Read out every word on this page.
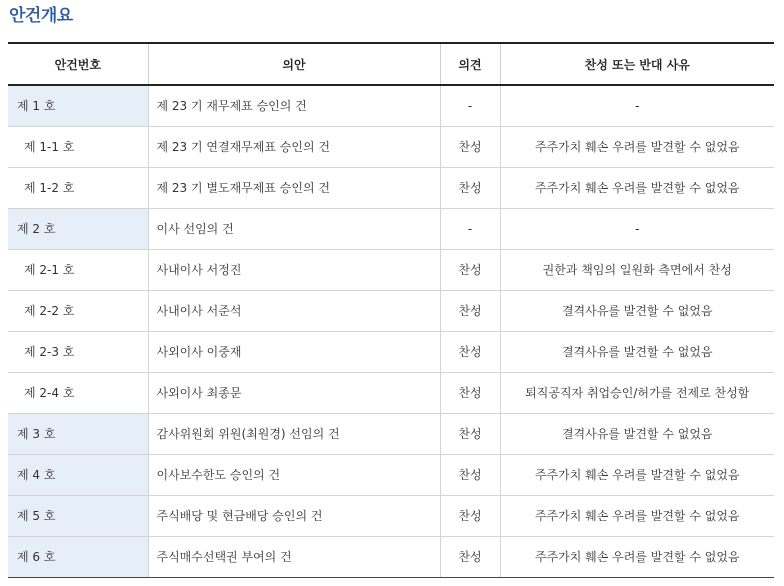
안건개요
안건번호	의안	의견	찬성 또는 반대 사유
제 1 호	제 23 기 재무제표 승인의 건	-	-
제 1-1 호	제 23 기 연결재무제표 승인의 건	찬성	주주가치 훼손 우려를 발견할 수 없었음
제 1-2 호	제 23 기 별도재무제표 승인의 건	찬성	주주가치 훼손 우려를 발견할 수 없었음
제 2 호	이사 선임의 건	-	-
제 2-1 호	사내이사 서정진	찬성	권한과 책임의 일원화 측면에서 찬성
제 2-2 호	사내이사 서준석	찬성	결격사유를 발견할 수 없었음
제 2-3 호	사외이사 이중재	찬성	결격사유를 발견할 수 없었음
제 2-4 호	사외이사 최종문	찬성	퇴직공직자 취업승인/허가를 전제로 찬성함
제 3 호	감사위원회 위원(최원경) 선임의 건	찬성	결격사유를 발견할 수 없었음
제 4 호	이사보수한도 승인의 건	찬성	주주가치 훼손 우려를 발견할 수 없었음
제 5 호	주식배당 및 현금배당 승인의 건	찬성	주주가치 훼손 우려를 발견할 수 없었음
제 6 호	주식매수선택권 부여의 건	찬성	주주가치 훼손 우려를 발견할 수 없었음
